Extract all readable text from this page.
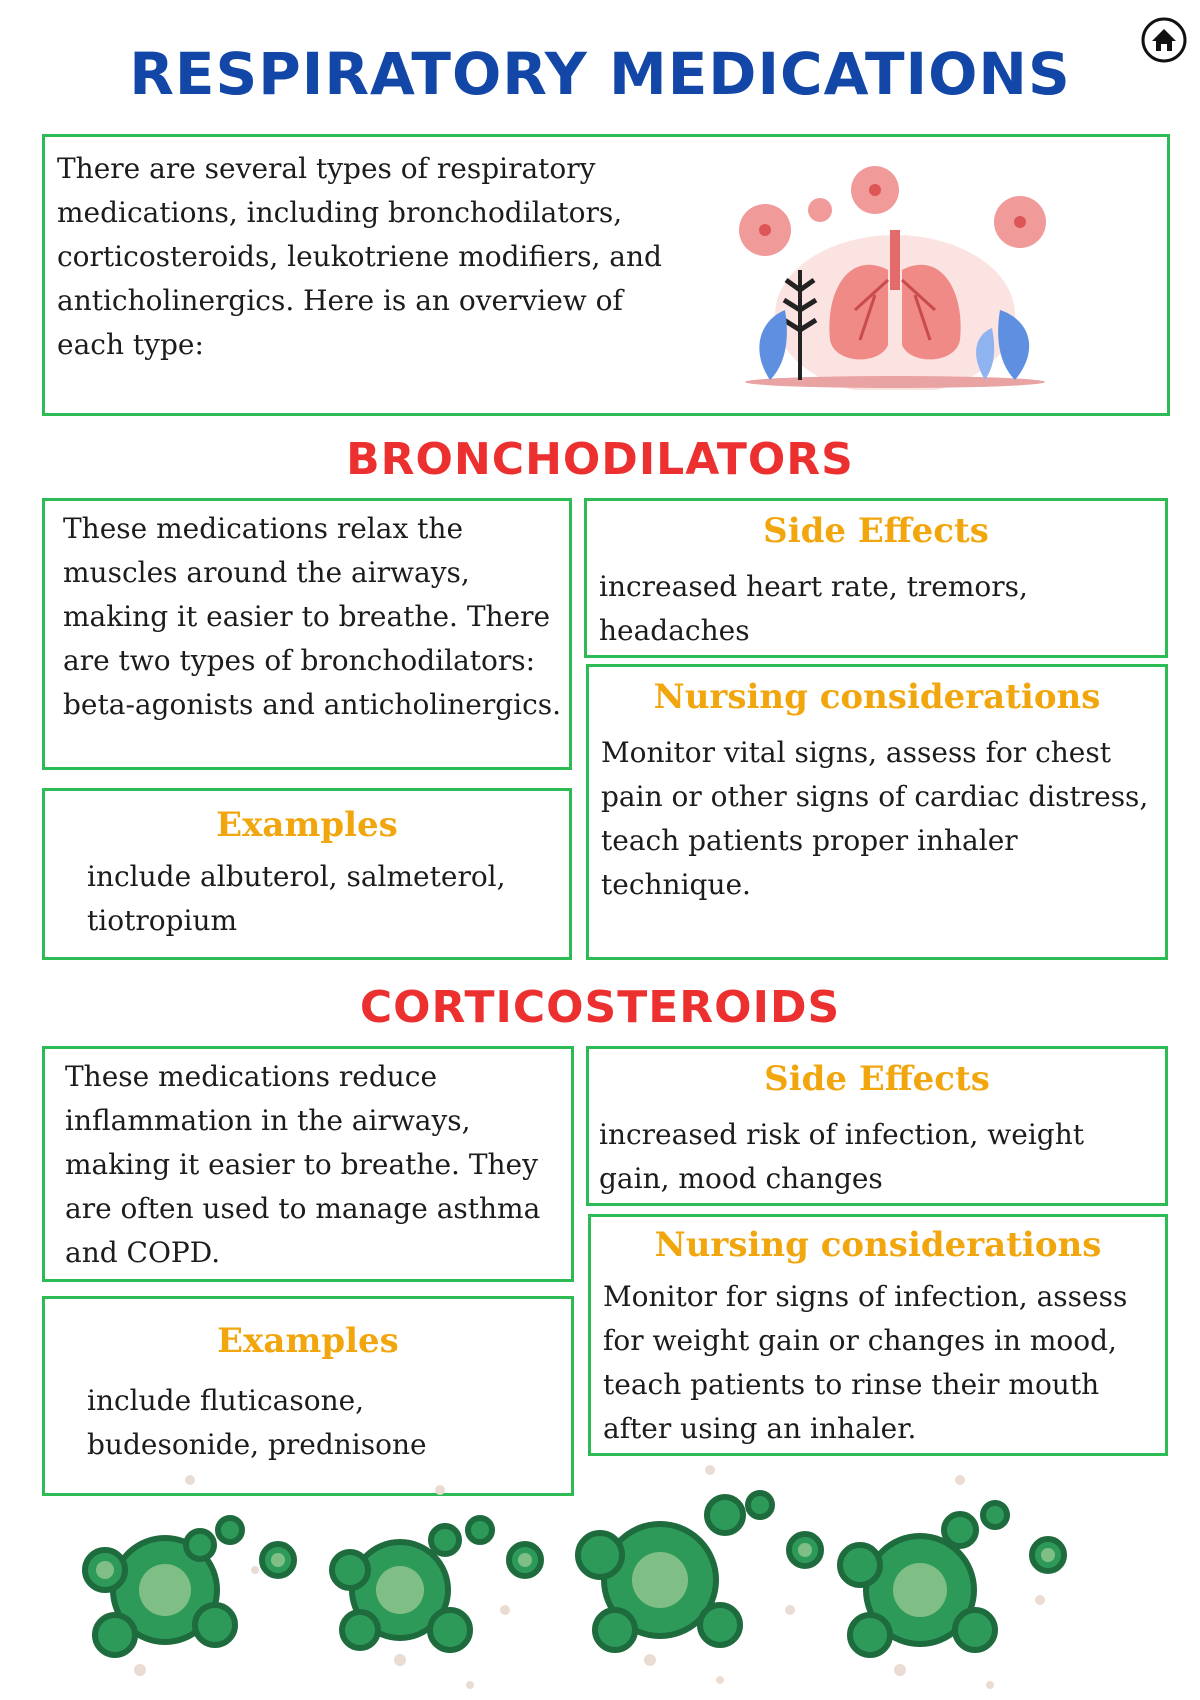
RESPIRATORY MEDICATIONS

There are several types of respiratory medications, including bronchodilators, corticosteroids, leukotriene modifiers, and anticholinergics. Here is an overview of each type:

BRONCHODILATORS

These medications relax the muscles around the airways, making it easier to breathe. There are two types of bronchodilators: beta-agonists and anticholinergics.

Examples

include albuterol, salmeterol, tiotropium

Side Effects

increased heart rate, tremors, headaches

Nursing considerations

Monitor vital signs, assess for chest pain or other signs of cardiac distress, teach patients proper inhaler technique.

CORTICOSTEROIDS

These medications reduce inflammation in the airways, making it easier to breathe. They are often used to manage asthma and COPD.

Examples

include fluticasone, budesonide, prednisone

Side Effects

increased risk of infection, weight gain, mood changes

Nursing considerations

Monitor for signs of infection, assess for weight gain or changes in mood, teach patients to rinse their mouth after using an inhaler.
